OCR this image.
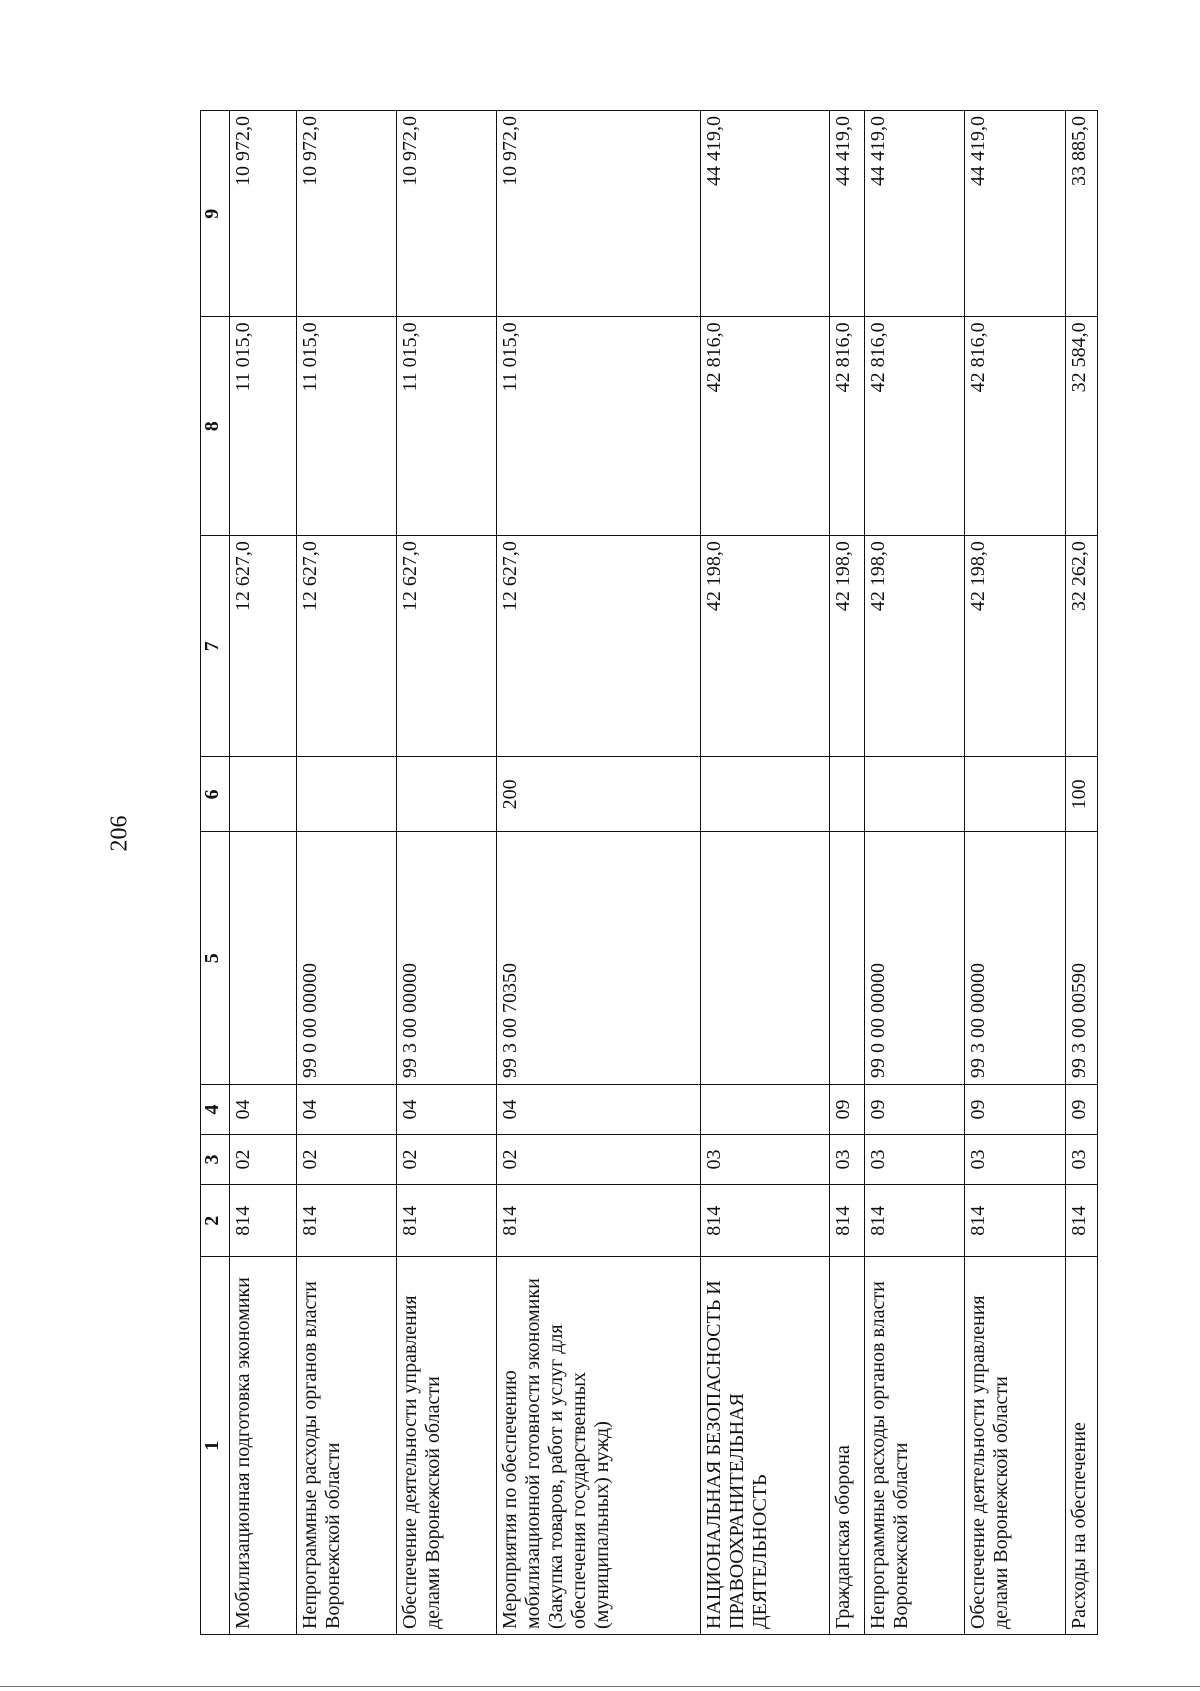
206
1	2	3	4	5	6	7	8	9
Мобилизационная подготовка экономики	814	02	04			12 627,0	11 015,0	10 972,0
Непрограммные расходы органов власти Воронежской области	814	02	04	99 0 00 00000		12 627,0	11 015,0	10 972,0
Обеспечение деятельности управления делами Воронежской области	814	02	04	99 3 00 00000		12 627,0	11 015,0	10 972,0
Мероприятия по обеспечению мобилизационной готовности экономики (Закупка товаров, работ и услуг для обеспечения государственных (муниципальных) нужд)	814	02	04	99 3 00 70350	200	12 627,0	11 015,0	10 972,0
НАЦИОНАЛЬНАЯ БЕЗОПАСНОСТЬ И ПРАВООХРАНИТЕЛЬНАЯ ДЕЯТЕЛЬНОСТЬ	814	03				42 198,0	42 816,0	44 419,0
Гражданская оборона	814	03	09			42 198,0	42 816,0	44 419,0
Непрограммные расходы органов власти Воронежской области	814	03	09	99 0 00 00000		42 198,0	42 816,0	44 419,0
Обеспечение деятельности управления делами Воронежской области	814	03	09	99 3 00 00000		42 198,0	42 816,0	44 419,0
Расходы на обеспечение	814	03	09	99 3 00 00590	100	32 262,0	32 584,0	33 885,0
